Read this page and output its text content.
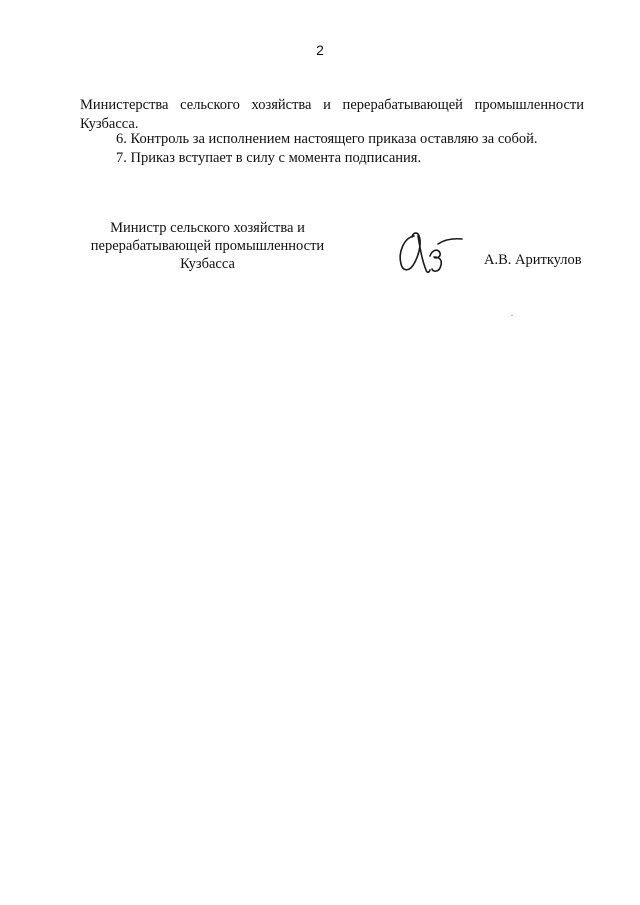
2
Министерства сельского хозяйства и перерабатывающей промышленности
Кузбасса.
6. Контроль за исполнением настоящего приказа оставляю за собой.
7. Приказ вступает в силу с момента подписания.
Министр сельского хозяйства и
перерабатывающей промышленности
Кузбасса	А.В. Ариткулов
